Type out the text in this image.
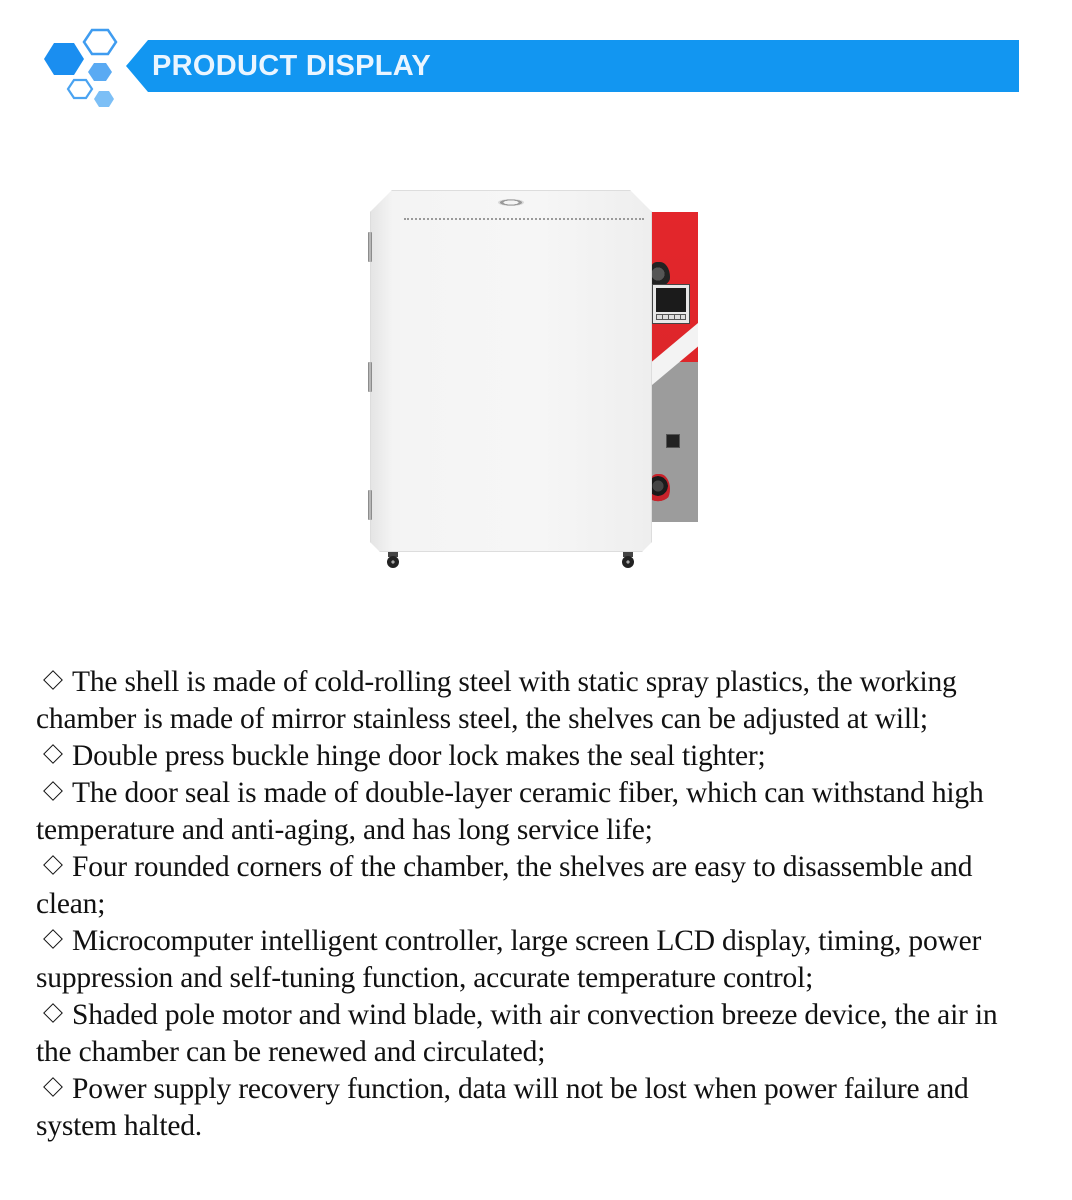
PRODUCT DISPLAY
The shell is made of cold-rolling steel with static spray plastics, the working chamber is made of mirror stainless steel, the shelves can be adjusted at will;
Double press buckle hinge door lock makes the seal tighter;
The door seal is made of double-layer ceramic fiber, which can withstand high temperature and anti-aging, and has long service life;
Four rounded corners of the chamber, the shelves are easy to disassemble and clean;
Microcomputer intelligent controller, large screen LCD display, timing, power suppression and self-tuning function, accurate temperature control;
Shaded pole motor and wind blade, with air convection breeze device, the air in the chamber can be renewed and circulated;
Power supply recovery function, data will not be lost when power failure and system halted.
